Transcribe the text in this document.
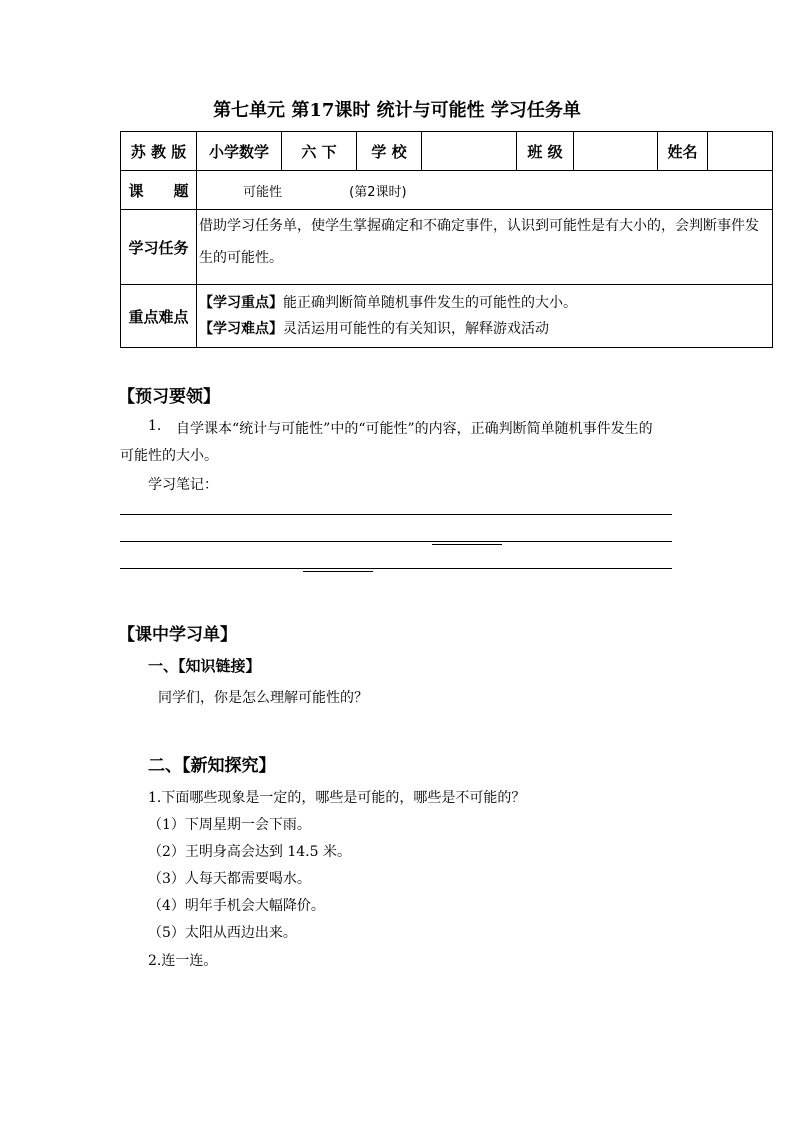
第七单元 第17课时 统计与可能性 学习任务单
苏 教 版	小学数学	六 下	学 校		班 级		姓名	
课　　题	可能性 (第2课时)							
学习任务	借助学习任务单，使学生掌握确定和不确定事件，认识到可能性是有大小的，会判断事件发生的可能性。							
重点难点	【学习重点】能正确判断简单随机事件发生的可能性的大小。
【学习难点】灵活运用可能性的有关知识，解释游戏活动							
【预习要领】
1. 自学课本“统计与可能性”中的“可能性”的内容，正确判断简单随机事件发生的
可能性的大小。
学习笔记：
【课中学习单】
一、【知识链接】
同学们，你是怎么理解可能性的？
二、【新知探究】
1.下面哪些现象是一定的，哪些是可能的，哪些是不可能的？
（1）下周星期一会下雨。
（2）王明身高会达到 14.5 米。
（3）人每天都需要喝水。
（4）明年手机会大幅降价。
（5）太阳从西边出来。
2.连一连。
